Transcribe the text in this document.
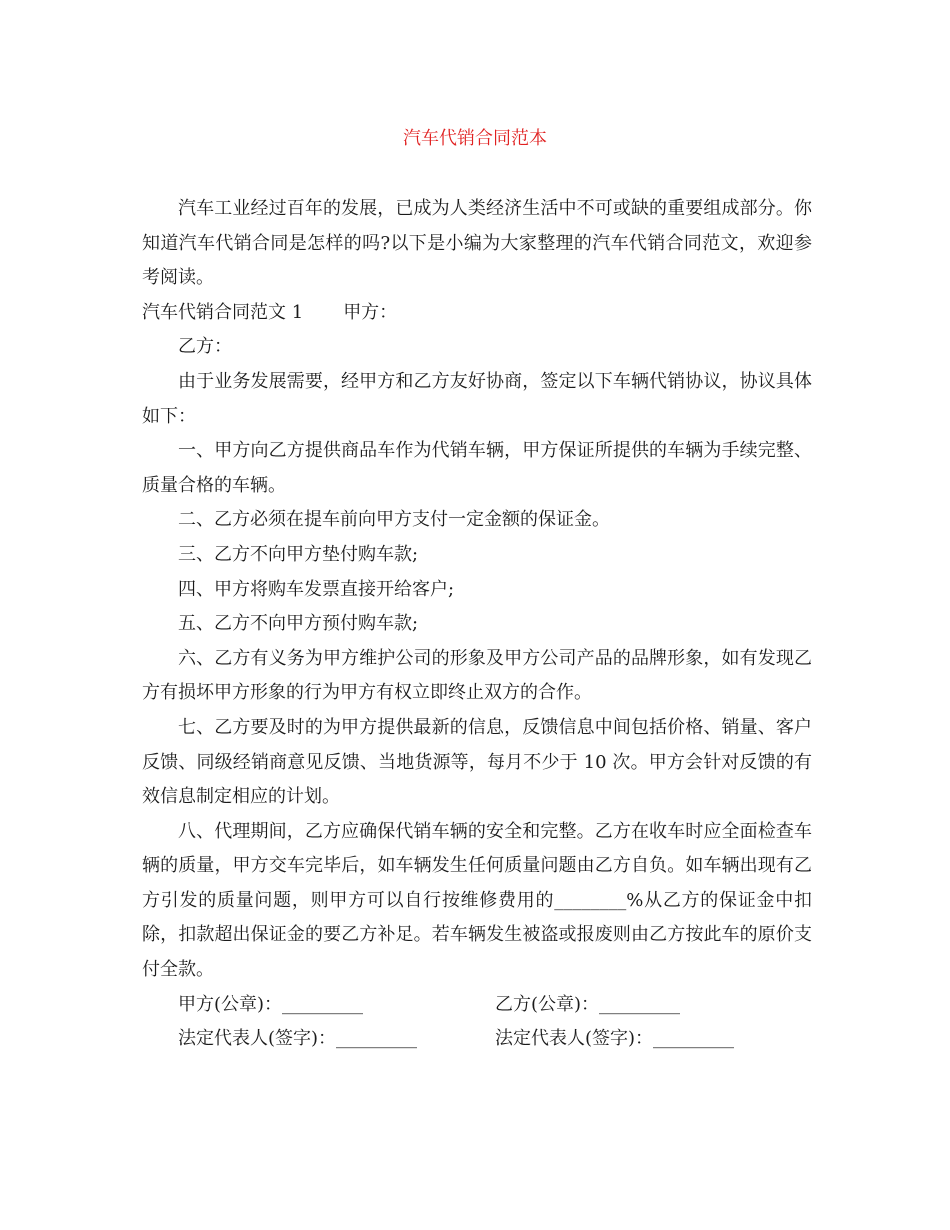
汽车代销合同范本

汽车工业经过百年的发展，已成为人类经济生活中不可或缺的重要组成部分。你知道汽车代销合同是怎样的吗?以下是小编为大家整理的汽车代销合同范文，欢迎参考阅读。

汽车代销合同范文 1 甲方：

乙方：

由于业务发展需要，经甲方和乙方友好协商，签定以下车辆代销协议，协议具体如下：

一、甲方向乙方提供商品车作为代销车辆，甲方保证所提供的车辆为手续完整、质量合格的车辆。

二、乙方必须在提车前向甲方支付一定金额的保证金。

三、乙方不向甲方垫付购车款;

四、甲方将购车发票直接开给客户;

五、乙方不向甲方预付购车款;

六、乙方有义务为甲方维护公司的形象及甲方公司产品的品牌形象，如有发现乙方有损坏甲方形象的行为甲方有权立即终止双方的合作。

七、乙方要及时的为甲方提供最新的信息，反馈信息中间包括价格、销量、客户反馈、同级经销商意见反馈、当地货源等，每月不少于 10 次。甲方会针对反馈的有效信息制定相应的计划。

八、代理期间，乙方应确保代销车辆的安全和完整。乙方在收车时应全面检查车辆的质量，甲方交车完毕后，如车辆发生任何质量问题由乙方自负。如车辆出现有乙方引发的质量问题，则甲方可以自行按维修费用的________%从乙方的保证金中扣除，扣款超出保证金的要乙方补足。若车辆发生被盗或报废则由乙方按此车的原价支付全款。

甲方(公章)：_________	乙方(公章)：_________
法定代表人(签字)：_________	法定代表人(签字)：_________
